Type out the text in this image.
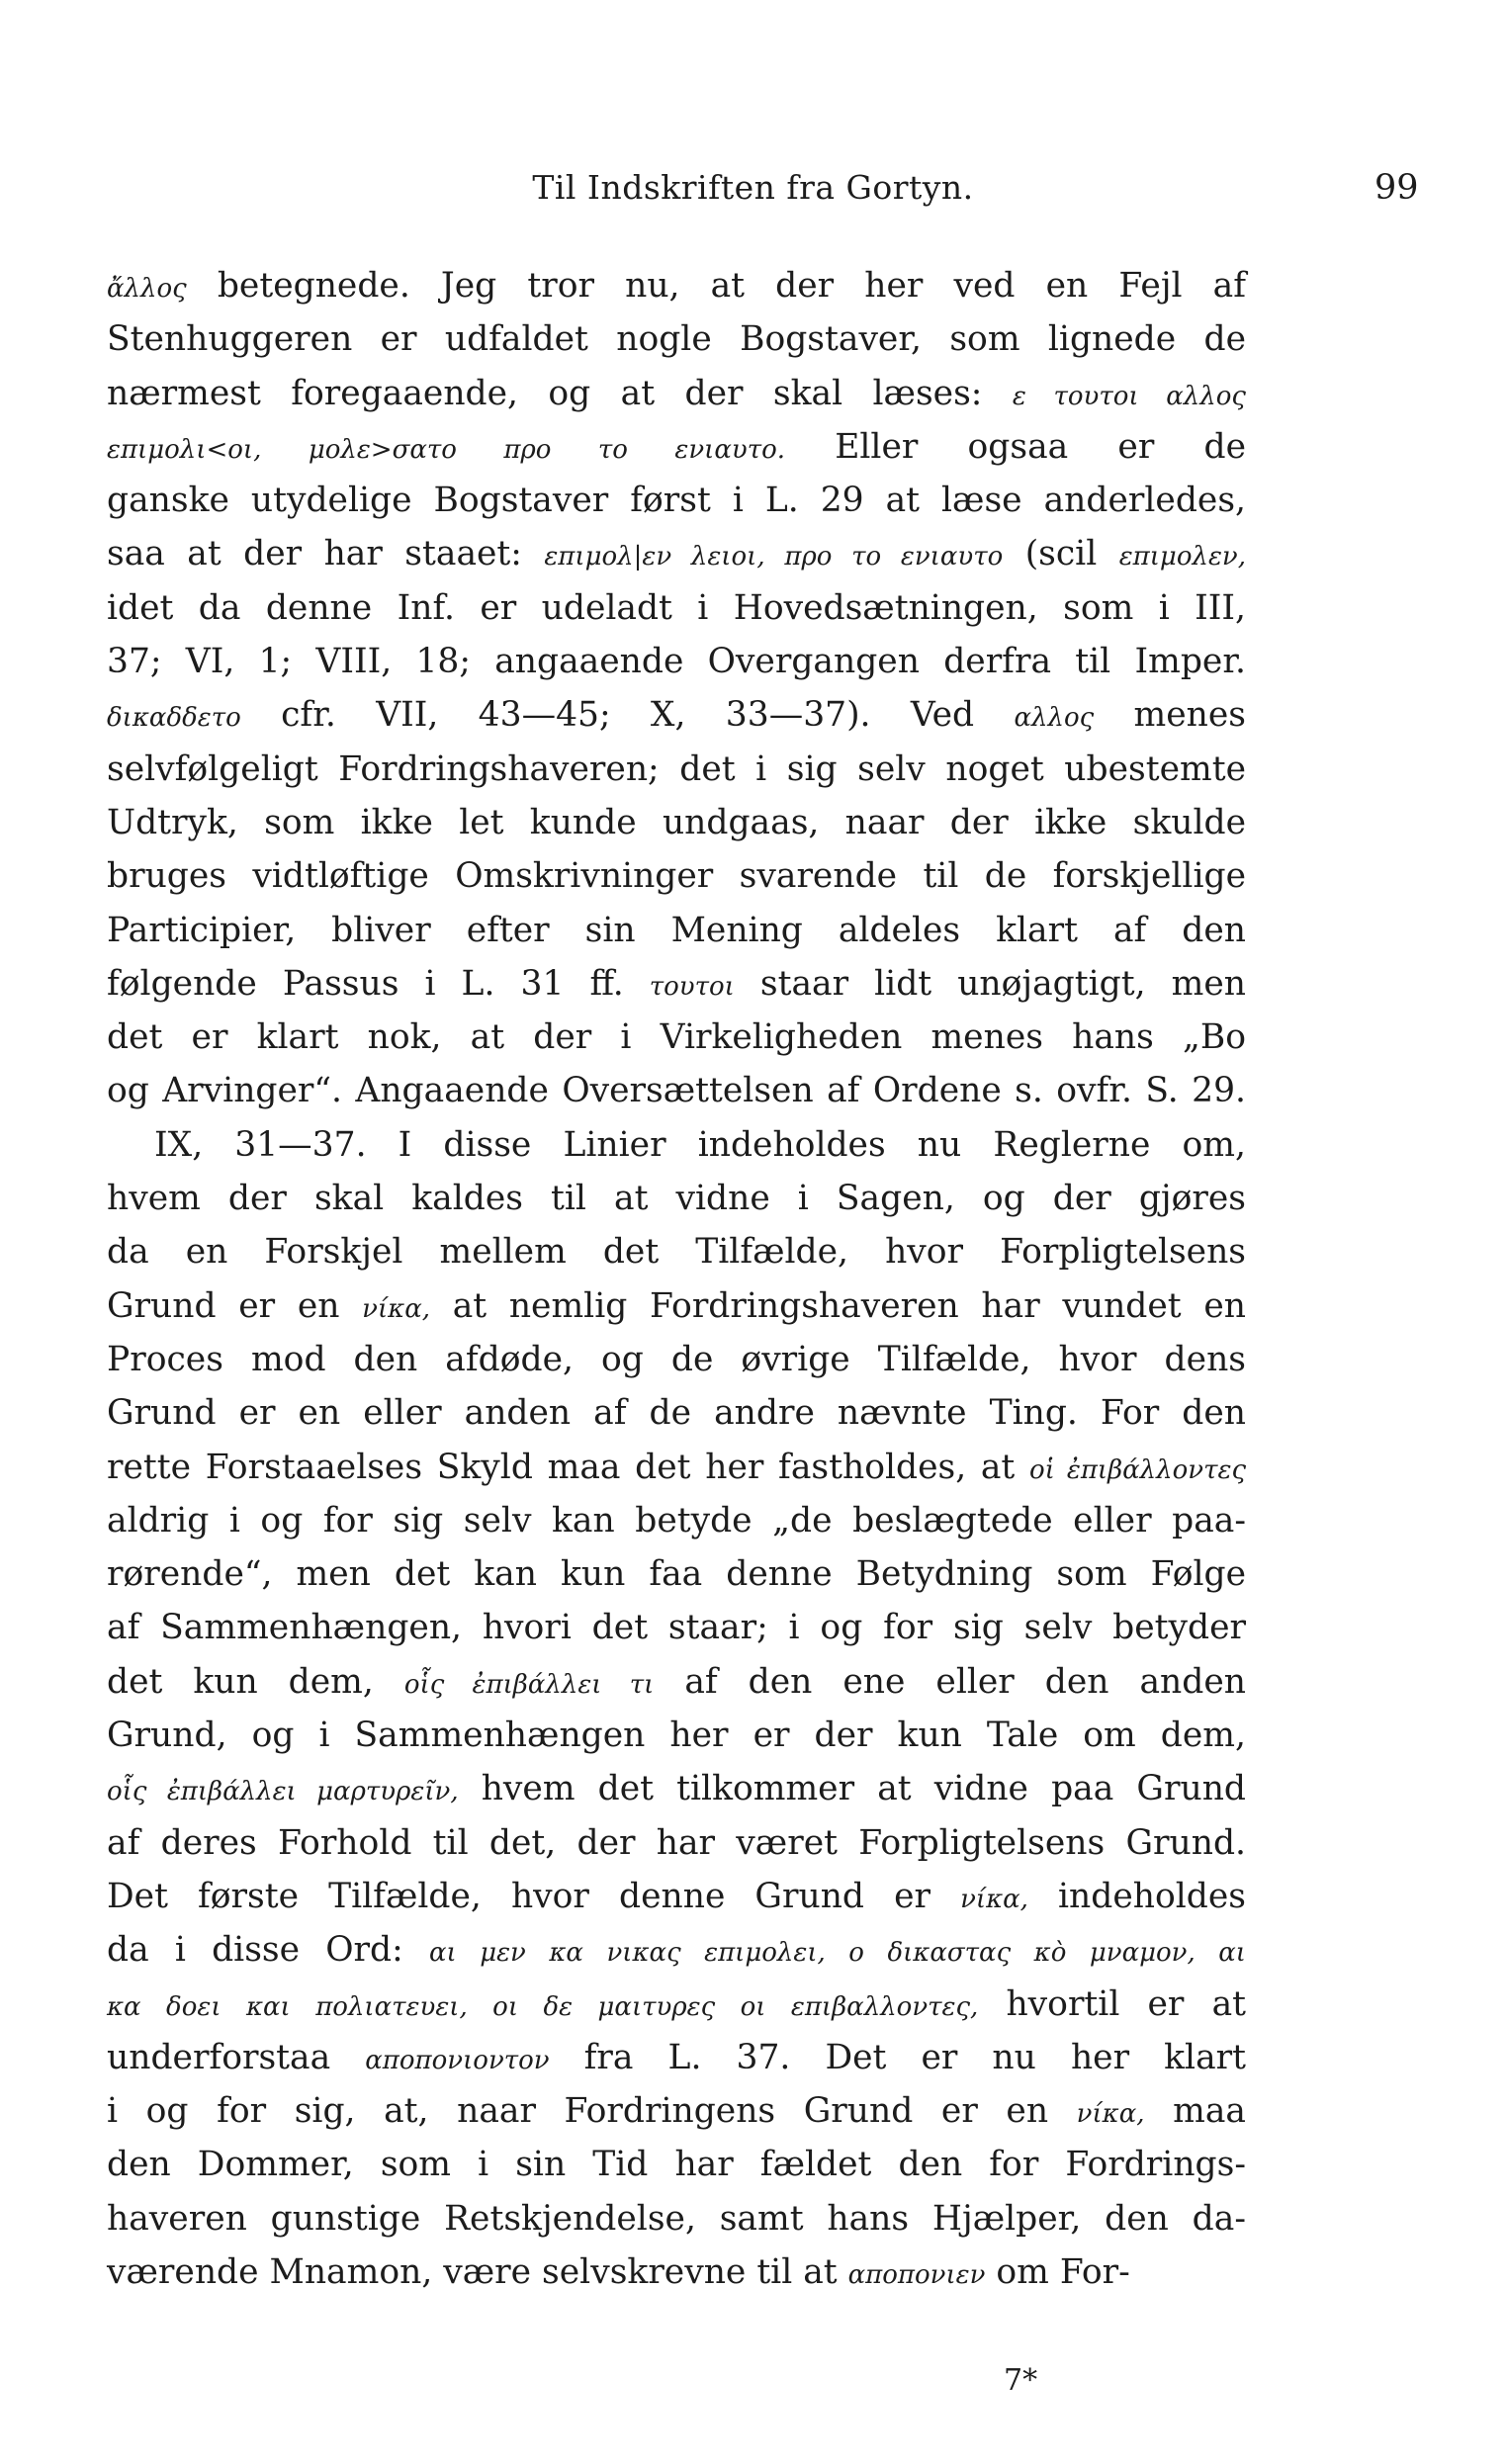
Til Indskriften fra Gortyn.	99
ἄλλος betegnede. Jeg tror nu, at der her ved en Fejl af
Stenhuggeren er udfaldet nogle Bogstaver, som lignede de
nærmest foregaaende, og at der skal læses: ε τουτοι αλλος
επιμολι<οι, μολε>σατο προ το ενιαυτο. Eller ogsaa er de
ganske utydelige Bogstaver først i L. 29 at læse anderledes,
saa at der har staaet: επιμολ|εν λειοι, προ το ενιαυτο (scil επιμολεν,
idet da denne Inf. er udeladt i Hovedsætningen, som i III,
37; VI, 1; VIII, 18; angaaende Overgangen derfra til Imper.
δικαδδετο cfr. VII, 43—45; X, 33—37). Ved αλλος menes
selvfølgeligt Fordringshaveren; det i sig selv noget ubestemte
Udtryk, som ikke let kunde undgaas, naar der ikke skulde
bruges vidtløftige Omskrivninger svarende til de forskjellige
Participier, bliver efter sin Mening aldeles klart af den
følgende Passus i L. 31 ff. τουτοι staar lidt unøjagtigt, men
det er klart nok, at der i Virkeligheden menes hans „Bo
og Arvinger“. Angaaende Oversættelsen af Ordene s. ovfr. S. 29.
IX, 31—37. I disse Linier indeholdes nu Reglerne om,
hvem der skal kaldes til at vidne i Sagen, og der gjøres
da en Forskjel mellem det Tilfælde, hvor Forpligtelsens
Grund er en νίκα, at nemlig Fordringshaveren har vundet en
Proces mod den afdøde, og de øvrige Tilfælde, hvor dens
Grund er en eller anden af de andre nævnte Ting. For den
rette Forstaaelses Skyld maa det her fastholdes, at οἱ ἐπιβάλλοντες
aldrig i og for sig selv kan betyde „de beslægtede eller paa-
rørende“, men det kan kun faa denne Betydning som Følge
af Sammenhængen, hvori det staar; i og for sig selv betyder
det kun dem, οἷς ἐπιβάλλει τι af den ene eller den anden
Grund, og i Sammenhængen her er der kun Tale om dem,
οἷς ἐπιβάλλει μαρτυρεῖν, hvem det tilkommer at vidne paa Grund
af deres Forhold til det, der har været Forpligtelsens Grund.
Det første Tilfælde, hvor denne Grund er νίκα, indeholdes
da i disse Ord: αι μεν κα νικας επιμολει, ο δικαστας κὸ μναμον, αι
κα δοει και πολιατευει, οι δε μαιτυρες οι επιβαλλοντες, hvortil er at
underforstaa αποπονιοντον fra L. 37. Det er nu her klart
i og for sig, at, naar Fordringens Grund er en νίκα, maa
den Dommer, som i sin Tid har fældet den for Fordrings-
haveren gunstige Retskjendelse, samt hans Hjælper, den da-
værende Mnamon, være selvskrevne til at αποπονιεν om For-
7*
